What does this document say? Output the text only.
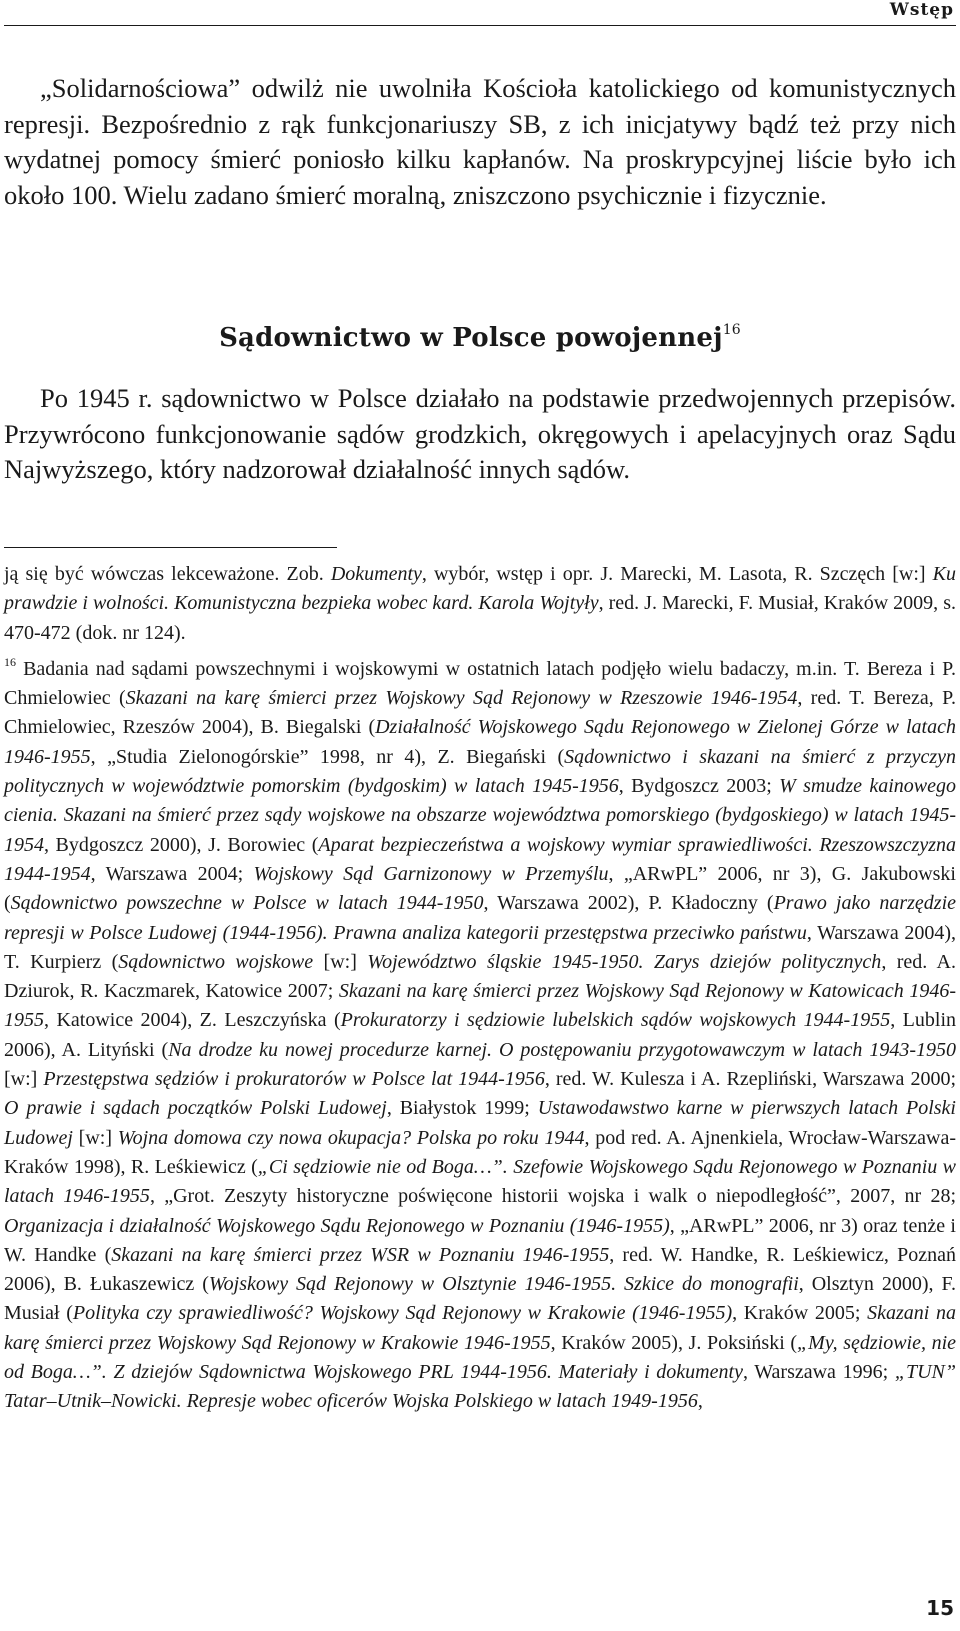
Wstęp
„Solidarnościowa” odwilż nie uwolniła Kościoła katolickiego od komunistycznych represji. Bezpośrednio z rąk funkcjonariuszy SB, z ich inicjatywy bądź też przy nich wydatnej pomocy śmierć poniosło kilku kapłanów. Na proskrypcyjnej liście było ich około 100. Wielu zadano śmierć moralną, zniszczono psychicznie i fizycznie.
Sądownictwo w Polsce powojennej$^{16}$
Po 1945 r. sądownictwo w Polsce działało na podstawie przedwojennych przepisów. Przywrócono funkcjonowanie sądów grodzkich, okręgowych i apelacyjnych oraz Sądu Najwyższego, który nadzorował działalność innych sądów.

ją się być wówczas lekceważone. Zob. Dokumenty, wybór, wstęp i opr. J. Marecki, M. Lasota, R. Szczęch [w:] Ku prawdzie i wolności. Komunistyczna bezpieka wobec kard. Karola Wojtyły, red. J. Marecki, F. Musiał, Kraków 2009, s. 470-472 (dok. nr 124).

$^{16}$ Badania nad sądami powszechnymi i wojskowymi w ostatnich latach podjęło wielu badaczy, m.in. T. Bereza i P. Chmielowiec (Skazani na karę śmierci przez Wojskowy Sąd Rejonowy w Rzeszowie 1946-1954, red. T. Bereza, P. Chmielowiec, Rzeszów 2004), B. Biegalski (Działalność Wojskowego Sądu Rejonowego w Zielonej Górze w latach 1946-1955, „Studia Zielonogórskie” 1998, nr 4), Z. Biegański (Sądownictwo i skazani na śmierć z przyczyn politycznych w województwie pomorskim (bydgoskim) w latach 1945-1956, Bydgoszcz 2003; W smudze kainowego cienia. Skazani na śmierć przez sądy wojskowe na obszarze województwa pomorskiego (bydgoskiego) w latach 1945-1954, Bydgoszcz 2000), J. Borowiec (Aparat bezpieczeństwa a wojskowy wymiar sprawiedliwości. Rzeszowszczyzna 1944-1954, Warszawa 2004; Wojskowy Sąd Garnizonowy w Przemyślu, „ARwPL” 2006, nr 3), G. Jakubowski (Sądownictwo powszechne w Polsce w latach 1944-1950, Warszawa 2002), P. Kładoczny (Prawo jako narzędzie represji w Polsce Ludowej (1944-1956). Prawna analiza kategorii przestępstwa przeciwko państwu, Warszawa 2004), T. Kurpierz (Sądownictwo wojskowe [w:] Województwo śląskie 1945-1950. Zarys dziejów politycznych, red. A. Dziurok, R. Kaczmarek, Katowice 2007; Skazani na karę śmierci przez Wojskowy Sąd Rejonowy w Katowicach 1946-1955, Katowice 2004), Z. Leszczyńska (Prokuratorzy i sędziowie lubelskich sądów wojskowych 1944-1955, Lublin 2006), A. Lityński (Na drodze ku nowej procedurze karnej. O postępowaniu przygotowawczym w latach 1943-1950 [w:] Przestępstwa sędziów i prokuratorów w Polsce lat 1944-1956, red. W. Kulesza i A. Rzepliński, Warszawa 2000; O prawie i sądach początków Polski Ludowej, Białystok 1999; Ustawodawstwo karne w pierwszych latach Polski Ludowej [w:] Wojna domowa czy nowa okupacja? Polska po roku 1944, pod red. A. Ajnenkiela, Wrocław-Warszawa-Kraków 1998), R. Leśkiewicz („Ci sędziowie nie od Boga…”. Szefowie Wojskowego Sądu Rejonowego w Poznaniu w latach 1946-1955, „Grot. Zeszyty historyczne poświęcone historii wojska i walk o niepodległość”, 2007, nr 28; Organizacja i działalność Wojskowego Sądu Rejonowego w Poznaniu (1946-1955), „ARwPL” 2006, nr 3) oraz tenże i W. Handke (Skazani na karę śmierci przez WSR w Poznaniu 1946-1955, red. W. Handke, R. Leśkiewicz, Poznań 2006), B. Łukaszewicz (Wojskowy Sąd Rejonowy w Olsztynie 1946-1955. Szkice do monografii, Olsztyn 2000), F. Musiał (Polityka czy sprawiedliwość? Wojskowy Sąd Rejonowy w Krakowie (1946-1955), Kraków 2005; Skazani na karę śmierci przez Wojskowy Sąd Rejonowy w Krakowie 1946-1955, Kraków 2005), J. Poksiński („My, sędziowie, nie od Boga…”. Z dziejów Sądownictwa Wojskowego PRL 1944-1956. Materiały i dokumenty, Warszawa 1996; „TUN” Tatar–Utnik–Nowicki. Represje wobec oficerów Wojska Polskiego w latach 1949-1956,

15
